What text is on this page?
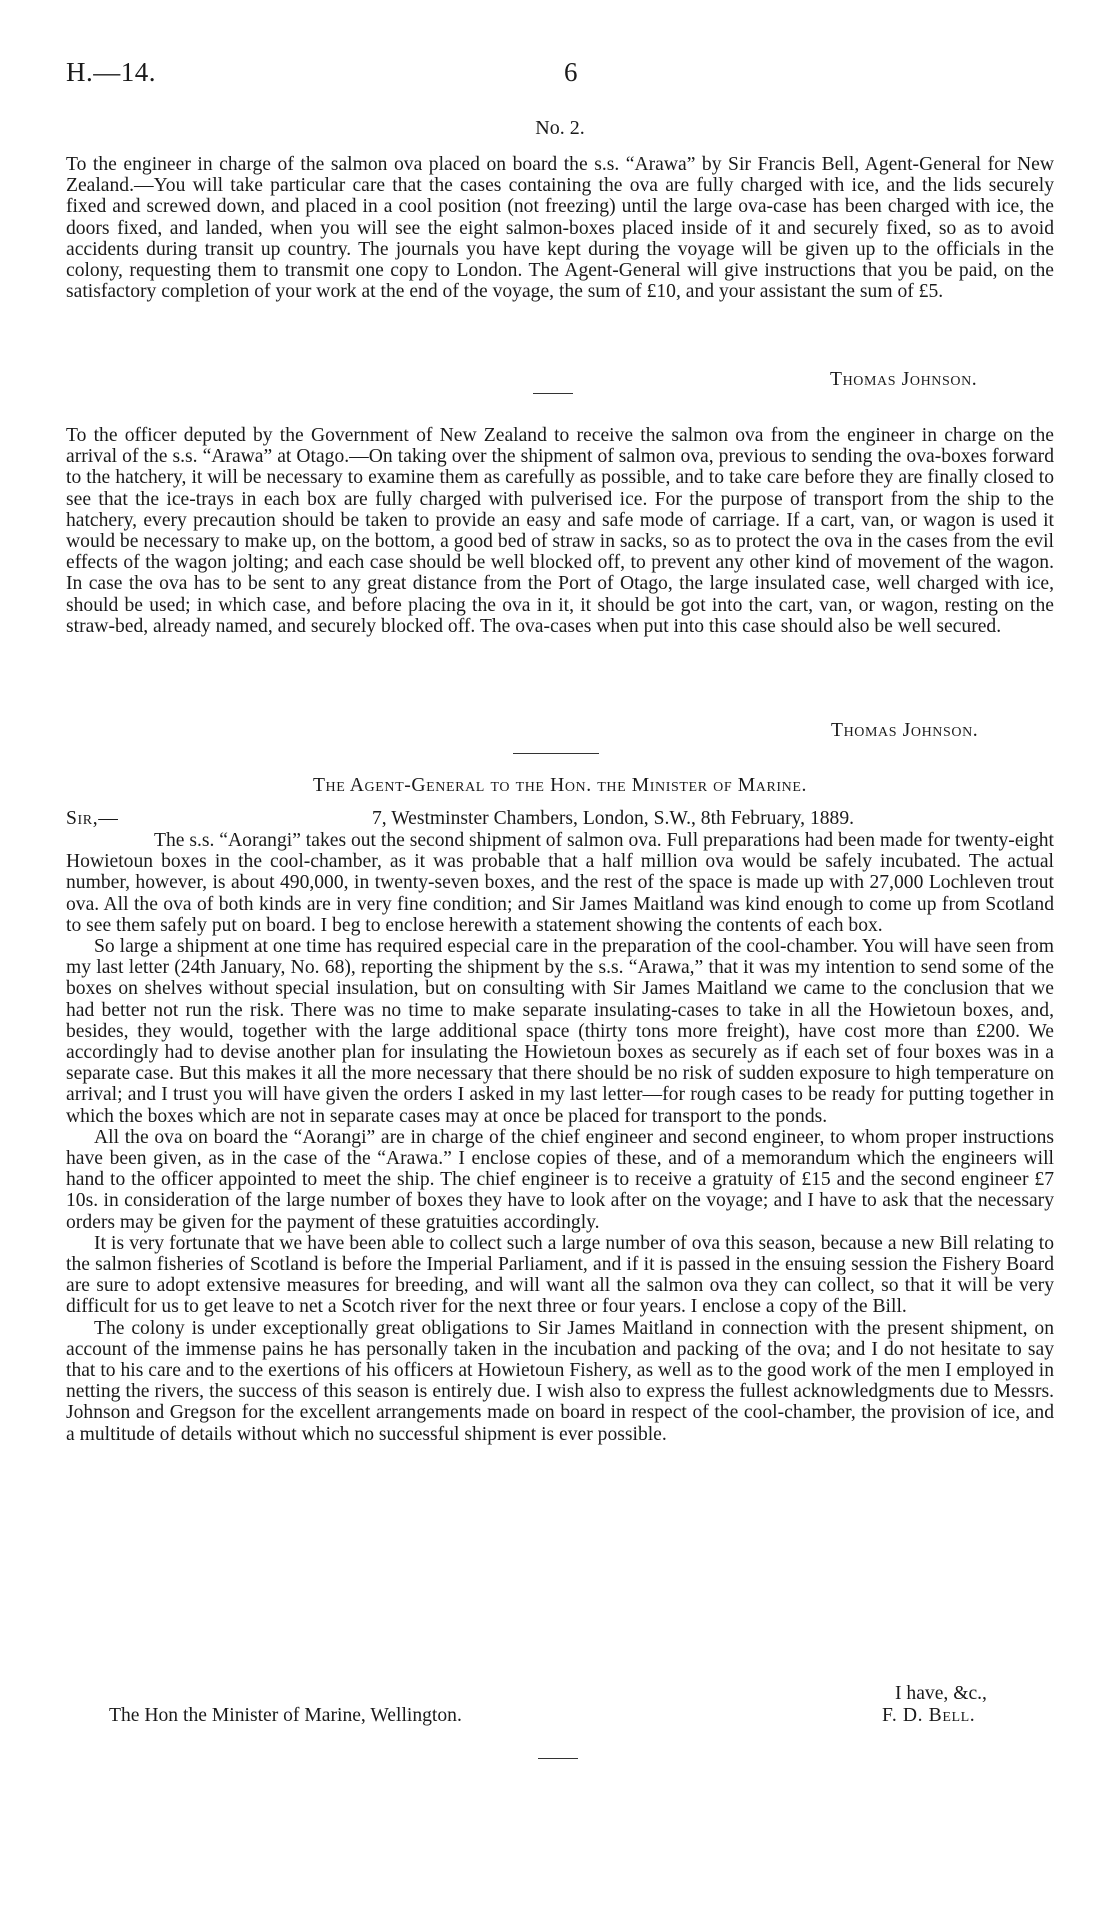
H.—14.	6
No. 2.

To the engineer in charge of the salmon ova placed on board the s.s. “Arawa” by Sir Francis Bell, Agent-General for New Zealand.—You will take particular care that the cases containing the ova are fully charged with ice, and the lids securely fixed and screwed down, and placed in a cool position (not freezing) until the large ova-case has been charged with ice, the doors fixed, and landed, when you will see the eight salmon-boxes placed inside of it and securely fixed, so as to avoid accidents during transit up country. The journals you have kept during the voyage will be given up to the officials in the colony, requesting them to transmit one copy to London. The Agent-General will give instructions that you be paid, on the satisfactory completion of your work at the end of the voyage, the sum of £10, and your assistant the sum of £5.

Thomas Johnson.

To the officer deputed by the Government of New Zealand to receive the salmon ova from the engineer in charge on the arrival of the s.s. “Arawa” at Otago.—On taking over the shipment of salmon ova, previous to sending the ova-boxes forward to the hatchery, it will be necessary to examine them as carefully as possible, and to take care before they are finally closed to see that the ice-trays in each box are fully charged with pulverised ice. For the purpose of transport from the ship to the hatchery, every precaution should be taken to provide an easy and safe mode of carriage. If a cart, van, or wagon is used it would be necessary to make up, on the bottom, a good bed of straw in sacks, so as to protect the ova in the cases from the evil effects of the wagon jolting; and each case should be well blocked off, to prevent any other kind of movement of the wagon. In case the ova has to be sent to any great distance from the Port of Otago, the large insulated case, well charged with ice, should be used; in which case, and before placing the ova in it, it should be got into the cart, van, or wagon, resting on the straw-bed, already named, and securely blocked off. The ova-cases when put into this case should also be well secured.

Thomas Johnson.
The Agent-General to the Hon. the Minister of Marine.
Sir,—	7, Westminster Chambers, London, S.W., 8th February, 1889.

The s.s. “Aorangi” takes out the second shipment of salmon ova. Full preparations had been made for twenty-eight Howietoun boxes in the cool-chamber, as it was probable that a half million ova would be safely incubated. The actual number, however, is about 490,000, in twenty-seven boxes, and the rest of the space is made up with 27,000 Lochleven trout ova. All the ova of both kinds are in very fine condition; and Sir James Maitland was kind enough to come up from Scotland to see them safely put on board. I beg to enclose herewith a statement showing the contents of each box.

So large a shipment at one time has required especial care in the preparation of the cool-chamber. You will have seen from my last letter (24th January, No. 68), reporting the shipment by the s.s. “Arawa,” that it was my intention to send some of the boxes on shelves without special insulation, but on consulting with Sir James Maitland we came to the conclusion that we had better not run the risk. There was no time to make separate insulating-cases to take in all the Howietoun boxes, and, besides, they would, together with the large additional space (thirty tons more freight), have cost more than £200. We accordingly had to devise another plan for insulating the Howietoun boxes as securely as if each set of four boxes was in a separate case. But this makes it all the more necessary that there should be no risk of sudden exposure to high temperature on arrival; and I trust you will have given the orders I asked in my last letter—for rough cases to be ready for putting together in which the boxes which are not in separate cases may at once be placed for transport to the ponds.

All the ova on board the “Aorangi” are in charge of the chief engineer and second engineer, to whom proper instructions have been given, as in the case of the “Arawa.” I enclose copies of these, and of a memorandum which the engineers will hand to the officer appointed to meet the ship. The chief engineer is to receive a gratuity of £15 and the second engineer £7 10s. in consideration of the large number of boxes they have to look after on the voyage; and I have to ask that the necessary orders may be given for the payment of these gratuities accordingly.

It is very fortunate that we have been able to collect such a large number of ova this season, because a new Bill relating to the salmon fisheries of Scotland is before the Imperial Parliament, and if it is passed in the ensuing session the Fishery Board are sure to adopt extensive measures for breeding, and will want all the salmon ova they can collect, so that it will be very difficult for us to get leave to net a Scotch river for the next three or four years. I enclose a copy of the Bill.

The colony is under exceptionally great obligations to Sir James Maitland in connection with the present shipment, on account of the immense pains he has personally taken in the incubation and packing of the ova; and I do not hesitate to say that to his care and to the exertions of his officers at Howietoun Fishery, as well as to the good work of the men I employed in netting the rivers, the success of this season is entirely due. I wish also to express the fullest acknowledgments due to Messrs. Johnson and Gregson for the excellent arrangements made on board in respect of the cool-chamber, the provision of ice, and a multitude of details without which no successful shipment is ever possible.

I have, &c.,
The Hon the Minister of Marine, Wellington.	F. D. Bell.
